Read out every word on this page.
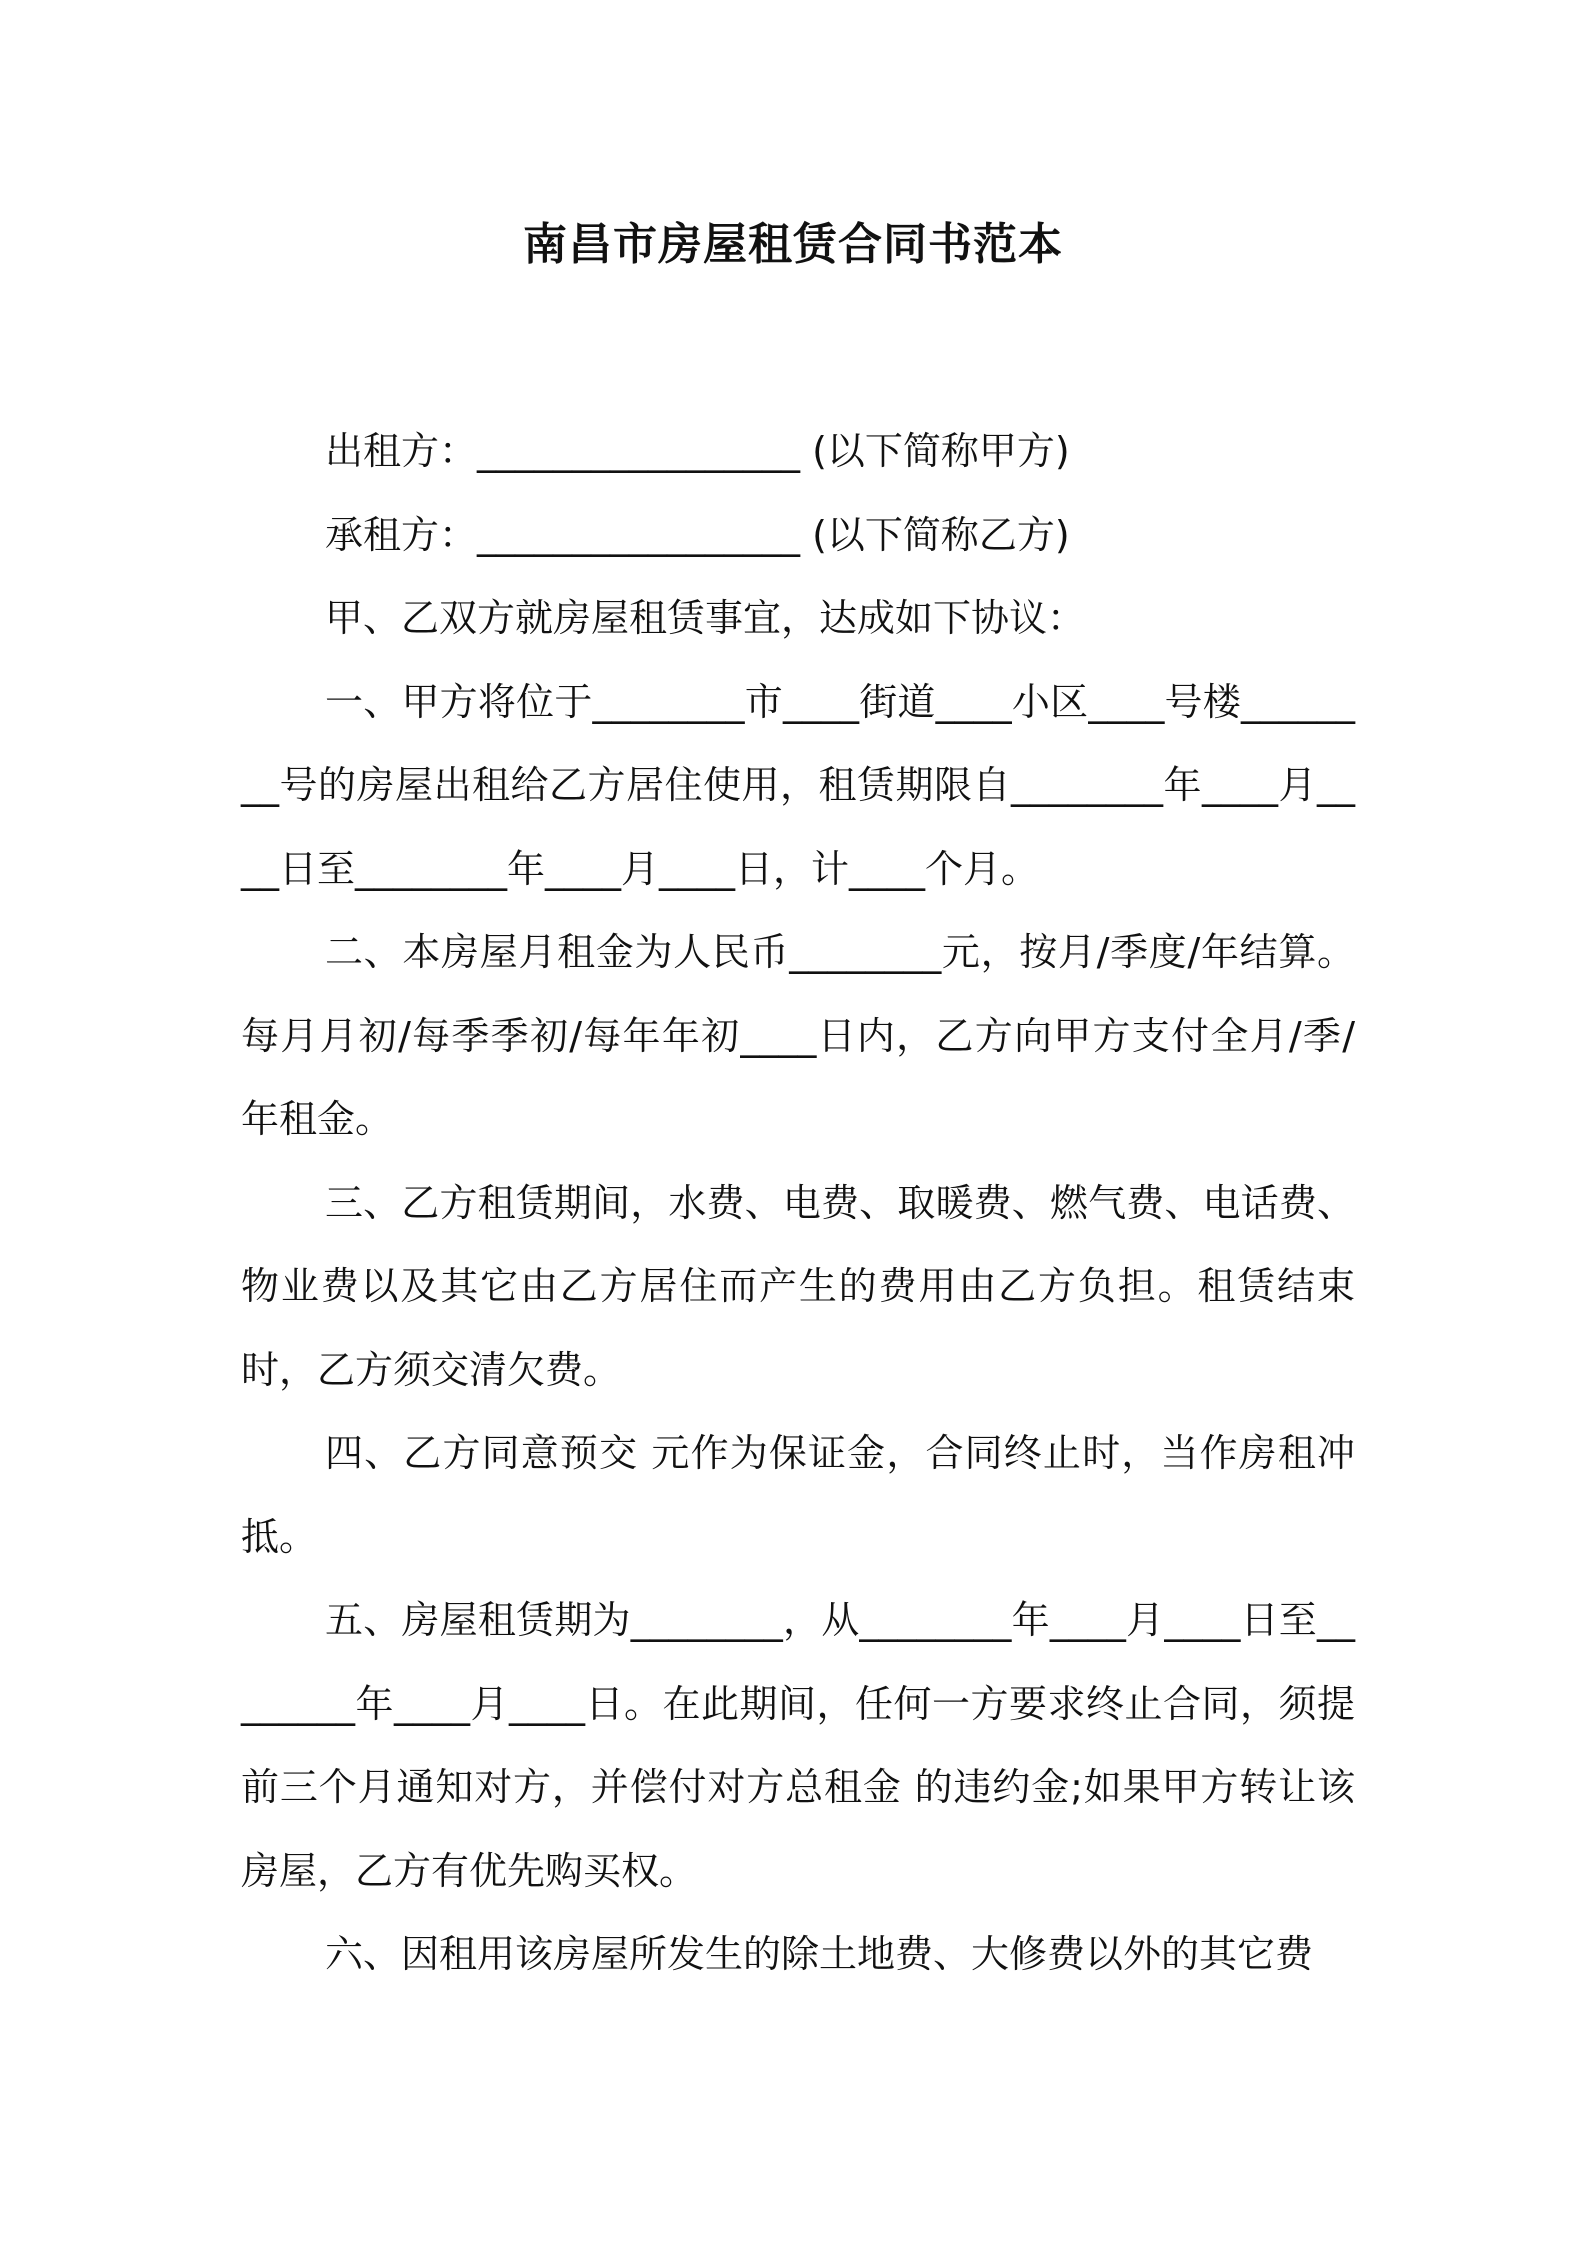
南昌市房屋租赁合同书范本

出租方：_________________ (以下简称甲方)

承租方：_________________ (以下简称乙方)

甲、乙双方就房屋租赁事宜，达成如下协议：

一、甲方将位于________市____街道____小区____号楼________号的房屋出租给乙方居住使用，租赁期限自________年____月____日至________年____月____日，计____个月。

二、本房屋月租金为人民币________元，按月/季度/年结算。每月月初/每季季初/每年年初____日内，乙方向甲方支付全月/季/年租金。

三、乙方租赁期间，水费、电费、取暖费、燃气费、电话费、物业费以及其它由乙方居住而产生的费用由乙方负担。租赁结束时，乙方须交清欠费。

四、乙方同意预交 元作为保证金，合同终止时，当作房租冲抵。

五、房屋租赁期为________，从________年____月____日至________年____月____日。在此期间，任何一方要求终止合同，须提前三个月通知对方，并偿付对方总租金 的违约金;如果甲方转让该房屋，乙方有优先购买权。

六、因租用该房屋所发生的除土地费、大修费以外的其它费
